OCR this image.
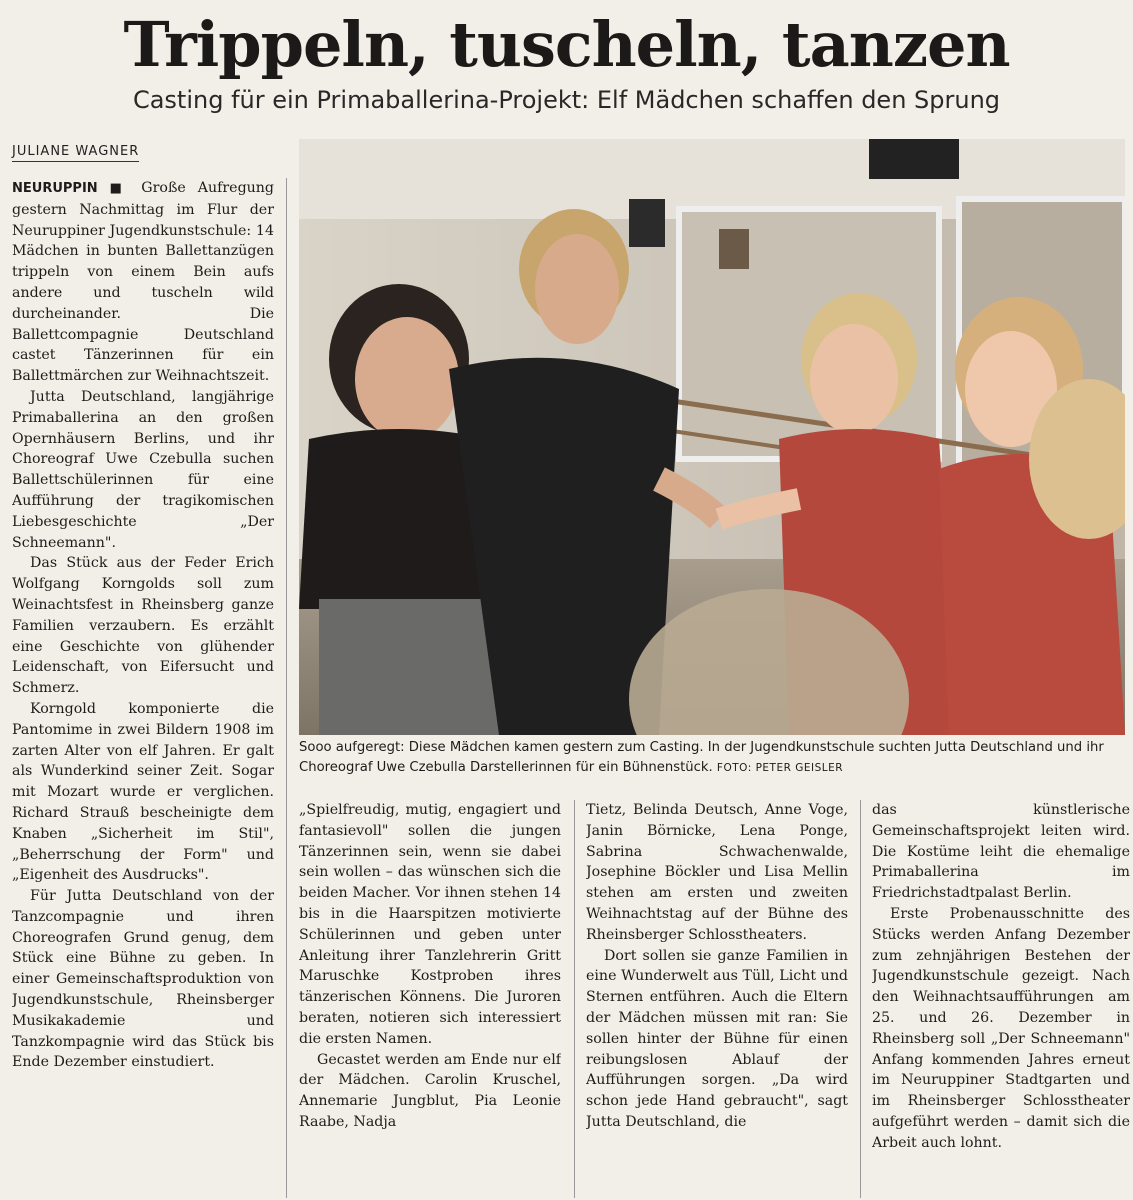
Trippeln, tuscheln, tanzen
Casting für ein Primaballerina-Projekt: Elf Mädchen schaffen den Sprung
JULIANE WAGNER

NEURUPPIN ■ Große Aufregung gestern Nachmittag im Flur der Neuruppiner Jugendkunstschule: 14 Mädchen in bunten Ballettanzügen trippeln von einem Bein aufs andere und tuscheln wild durcheinander. Die Ballettcompagnie Deutschland castet Tänzerinnen für ein Ballettmärchen zur Weihnachtszeit.

Jutta Deutschland, langjährige Primaballerina an den großen Opernhäusern Berlins, und ihr Choreograf Uwe Czebulla suchen Ballettschülerinnen für eine Aufführung der tragikomischen Liebesgeschichte „Der Schneemann".

Das Stück aus der Feder Erich Wolfgang Korngolds soll zum Weinachtsfest in Rheinsberg ganze Familien verzaubern. Es erzählt eine Geschichte von glühender Leidenschaft, von Eifersucht und Schmerz.

Korngold komponierte die Pantomime in zwei Bildern 1908 im zarten Alter von elf Jahren. Er galt als Wunderkind seiner Zeit. Sogar mit Mozart wurde er verglichen. Richard Strauß bescheinigte dem Knaben „Sicherheit im Stil", „Beherrschung der Form" und „Eigenheit des Ausdrucks".

Für Jutta Deutschland von der Tanzcompagnie und ihren Choreografen Grund genug, dem Stück eine Bühne zu geben. In einer Gemeinschaftsproduktion von Jugendkunstschule, Rheinsberger Musikakademie und Tanzkompagnie wird das Stück bis Ende Dezember einstudiert.

Sooo aufgeregt: Diese Mädchen kamen gestern zum Casting. In der Jugendkunstschule suchten Jutta Deutschland und ihr Choreograf Uwe Czebulla Darstellerinnen für ein Bühnenstück. FOTO: PETER GEISLER

„Spielfreudig, mutig, engagiert und fantasievoll" sollen die jungen Tänzerinnen sein, wenn sie dabei sein wollen – das wünschen sich die beiden Macher. Vor ihnen stehen 14 bis in die Haarspitzen motivierte Schülerinnen und geben unter Anleitung ihrer Tanzlehrerin Gritt Maruschke Kostproben ihres tänzerischen Könnens. Die Juroren beraten, notieren sich interessiert die ersten Namen.

Gecastet werden am Ende nur elf der Mädchen. Carolin Kruschel, Annemarie Jungblut, Pia Leonie Raabe, Nadja

Tietz, Belinda Deutsch, Anne Voge, Janin Börnicke, Lena Ponge, Sabrina Schwachenwalde, Josephine Böckler und Lisa Mellin stehen am ersten und zweiten Weihnachtstag auf der Bühne des Rheinsberger Schlosstheaters.

Dort sollen sie ganze Familien in eine Wunderwelt aus Tüll, Licht und Sternen entführen. Auch die Eltern der Mädchen müssen mit ran: Sie sollen hinter der Bühne für einen reibungslosen Ablauf der Aufführungen sorgen. „Da wird schon jede Hand gebraucht", sagt Jutta Deutschland, die

das künstlerische Gemeinschaftsprojekt leiten wird. Die Kostüme leiht die ehemalige Primaballerina im Friedrichstadtpalast Berlin.

Erste Probenausschnitte des Stücks werden Anfang Dezember zum zehnjährigen Bestehen der Jugendkunstschule gezeigt. Nach den Weihnachtsaufführungen am 25. und 26. Dezember in Rheinsberg soll „Der Schneemann" Anfang kommenden Jahres erneut im Neuruppiner Stadtgarten und im Rheinsberger Schlosstheater aufgeführt werden – damit sich die Arbeit auch lohnt.
